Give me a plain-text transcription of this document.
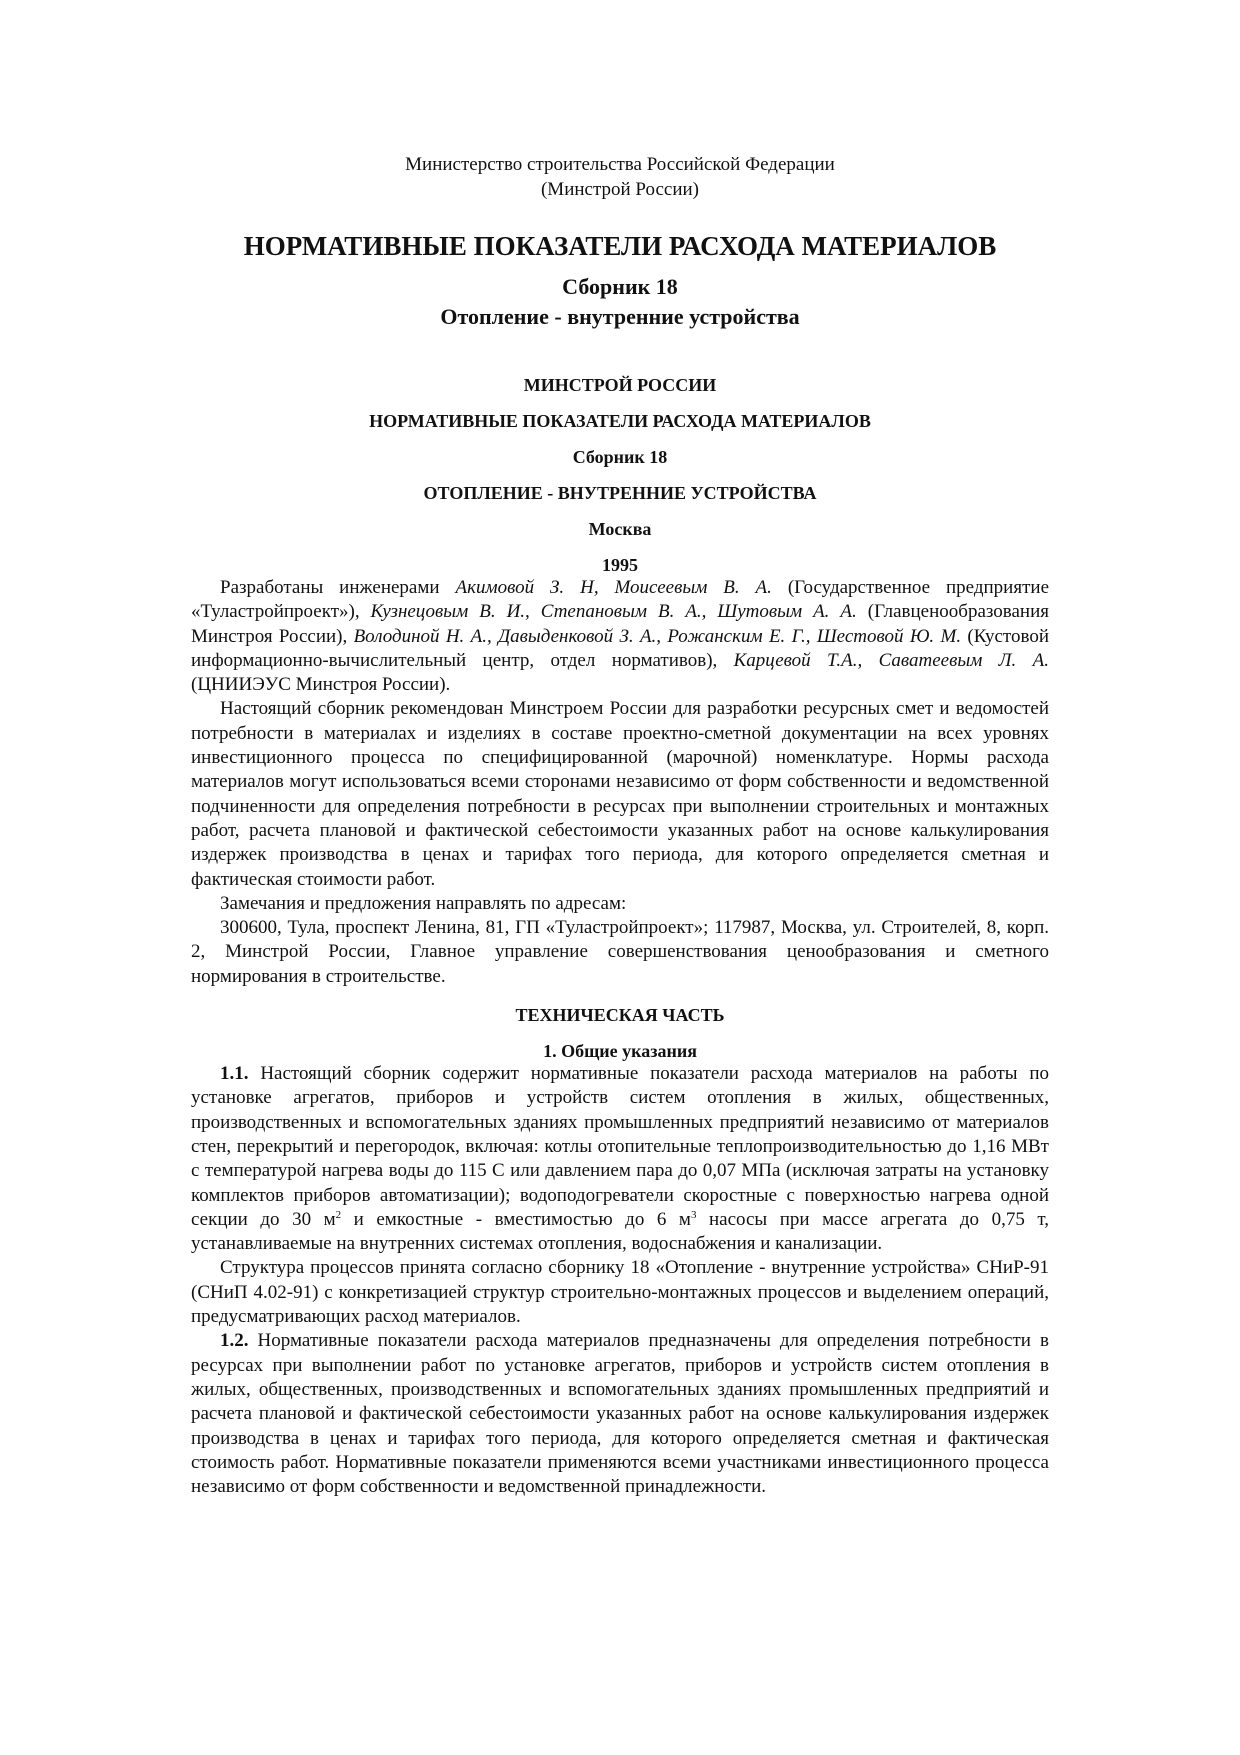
Министерство строительства Российской Федерации
(Минстрой России)
НОРМАТИВНЫЕ ПОКАЗАТЕЛИ РАСХОДА МАТЕРИАЛОВ
Сборник 18
Отопление - внутренние устройства
МИНСТРОЙ РОССИИ
НОРМАТИВНЫЕ ПОКАЗАТЕЛИ РАСХОДА МАТЕРИАЛОВ
Сборник 18
ОТОПЛЕНИЕ - ВНУТРЕННИЕ УСТРОЙСТВА
Москва
1995

Разработаны инженерами Акимовой З. Н, Моисеевым В. А. (Государственное предприятие «Туластройпроект»), Кузнецовым В. И., Степановым В. А., Шутовым А. А. (Главценообразования Минстроя России), Володиной Н. А., Давыденковой З. А., Рожанским Е. Г., Шестовой Ю. М. (Кустовой информационно-вычислительный центр, отдел нормативов), Карцевой Т.А., Саватеевым Л. А. (ЦНИИЭУС Минстроя России).

Настоящий сборник рекомендован Минстроем России для разработки ресурсных смет и ведомостей потребности в материалах и изделиях в составе проектно-сметной документации на всех уровнях инвестиционного процесса по специфицированной (марочной) номенклатуре. Нормы расхода материалов могут использоваться всеми сторонами независимо от форм собственности и ведомственной подчиненности для определения потребности в ресурсах при выполнении строительных и монтажных работ, расчета плановой и фактической себестоимости указанных работ на основе калькулирования издержек производства в ценах и тарифах того периода, для которого определяется сметная и фактическая стоимости работ.

Замечания и предложения направлять по адресам:

300600, Тула, проспект Ленина, 81, ГП «Туластройпроект»; 117987, Москва, ул. Строителей, 8, корп. 2, Минстрой России, Главное управление совершенствования ценообразования и сметного нормирования в строительстве.

ТЕХНИЧЕСКАЯ ЧАСТЬ
1. Общие указания

1.1. Настоящий сборник содержит нормативные показатели расхода материалов на работы по установке агрегатов, приборов и устройств систем отопления в жилых, общественных, производственных и вспомогательных зданиях промышленных предприятий независимо от материалов стен, перекрытий и перегородок, включая: котлы отопительные теплопроизводительностью до 1,16 МВт с температурой нагрева воды до 115 С или давлением пара до 0,07 МПа (исключая затраты на установку комплектов приборов автоматизации); водоподогреватели скоростные с поверхностью нагрева одной секции до 30 $м^2$ и емкостные - вместимостью до 6 $м^3$ насосы при массе агрегата до 0,75 т, устанавливаемые на внутренних системах отопления, водоснабжения и канализации.

Структура процессов принята согласно сборнику 18 «Отопление - внутренние устройства» СНиР-91 (СНиП 4.02-91) с конкретизацией структур строительно-монтажных процессов и выделением операций, предусматривающих расход материалов.

1.2. Нормативные показатели расхода материалов предназначены для определения потребности в ресурсах при выполнении работ по установке агрегатов, приборов и устройств систем отопления в жилых, общественных, производственных и вспомогательных зданиях промышленных предприятий и расчета плановой и фактической себестоимости указанных работ на основе калькулирования издержек производства в ценах и тарифах того периода, для которого определяется сметная и фактическая стоимость работ. Нормативные показатели применяются всеми участниками инвестиционного процесса независимо от форм собственности и ведомственной принадлежности.
